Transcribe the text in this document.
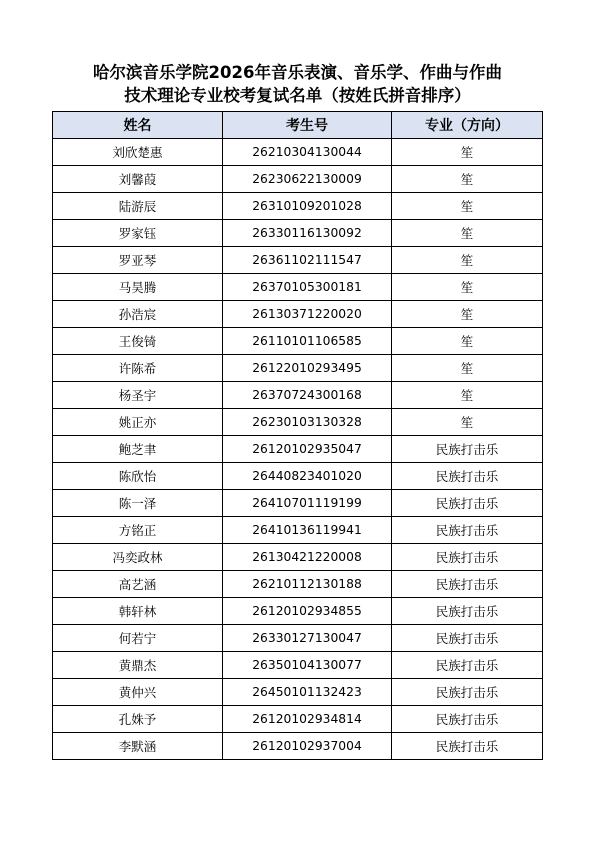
哈尔滨音乐学院2026年音乐表演、音乐学、作曲与作曲
技术理论专业校考复试名单（按姓氏拼音排序）
姓名	考生号	专业（方向）
刘欣楚惠	26210304130044	笙
刘馨葭	26230622130009	笙
陆游辰	26310109201028	笙
罗家钰	26330116130092	笙
罗亚琴	26361102111547	笙
马昊腾	26370105300181	笙
孙浩宸	26130371220020	笙
王俊锜	26110101106585	笙
许陈希	26122010293495	笙
杨圣宇	26370724300168	笙
姚正亦	26230103130328	笙
鲍芝聿	26120102935047	民族打击乐
陈欣怡	26440823401020	民族打击乐
陈一泽	26410701119199	民族打击乐
方铭正	26410136119941	民族打击乐
冯奕政林	26130421220008	民族打击乐
高艺涵	26210112130188	民族打击乐
韩轩林	26120102934855	民族打击乐
何若宁	26330127130047	民族打击乐
黄鼎杰	26350104130077	民族打击乐
黄仲兴	26450101132423	民族打击乐
孔姝予	26120102934814	民族打击乐
李默涵	26120102937004	民族打击乐
